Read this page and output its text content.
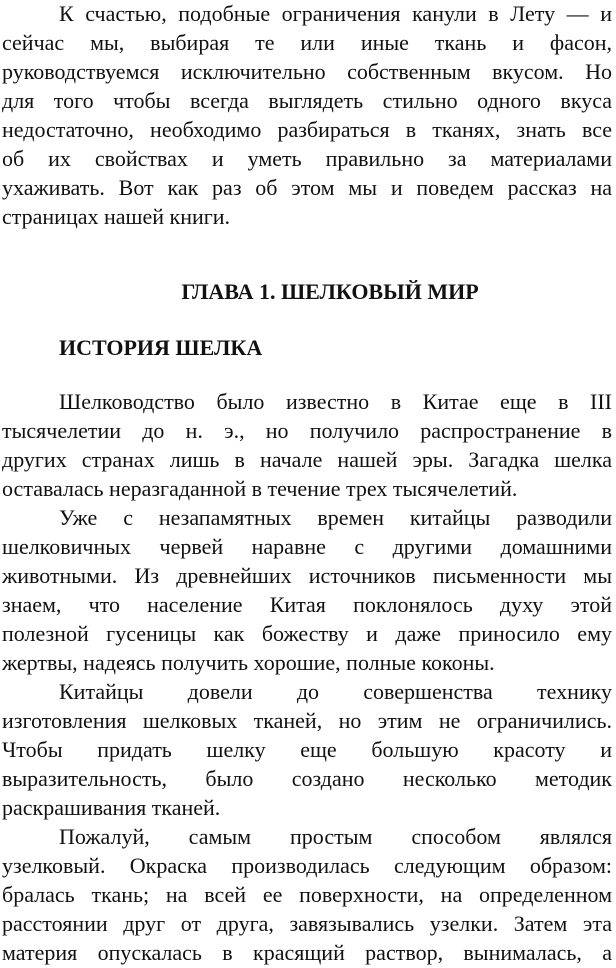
К счастью, подобные ограничения канули в Лету — и
сейчас мы, выбирая те или иные ткань и фасон,
руководствуемся исключительно собственным вкусом. Но
для того чтобы всегда выглядеть стильно одного вкуса
недостаточно, необходимо разбираться в тканях, знать все
об их свойствах и уметь правильно за материалами
ухаживать. Вот как раз об этом мы и поведем рассказ на
страницах нашей книги.
ГЛАВА 1. ШЕЛКОВЫЙ МИР
ИСТОРИЯ ШЕЛКА
Шелководство было известно в Китае еще в III
тысячелетии до н. э., но получило распространение в
других странах лишь в начале нашей эры. Загадка шелка
оставалась неразгаданной в течение трех тысячелетий.
Уже с незапамятных времен китайцы разводили
шелковичных червей наравне с другими домашними
животными. Из древнейших источников письменности мы
знаем, что население Китая поклонялось духу этой
полезной гусеницы как божеству и даже приносило ему
жертвы, надеясь получить хорошие, полные коконы.
Китайцы довели до совершенства технику
изготовления шелковых тканей, но этим не ограничились.
Чтобы придать шелку еще большую красоту и
выразительность, было создано несколько методик
раскрашивания тканей.
Пожалуй, самым простым способом являлся
узелковый. Окраска производилась следующим образом:
бралась ткань; на всей ее поверхности, на определенном
расстоянии друг от друга, завязывались узелки. Затем эта
материя опускалась в красящий раствор, вынималась, а
